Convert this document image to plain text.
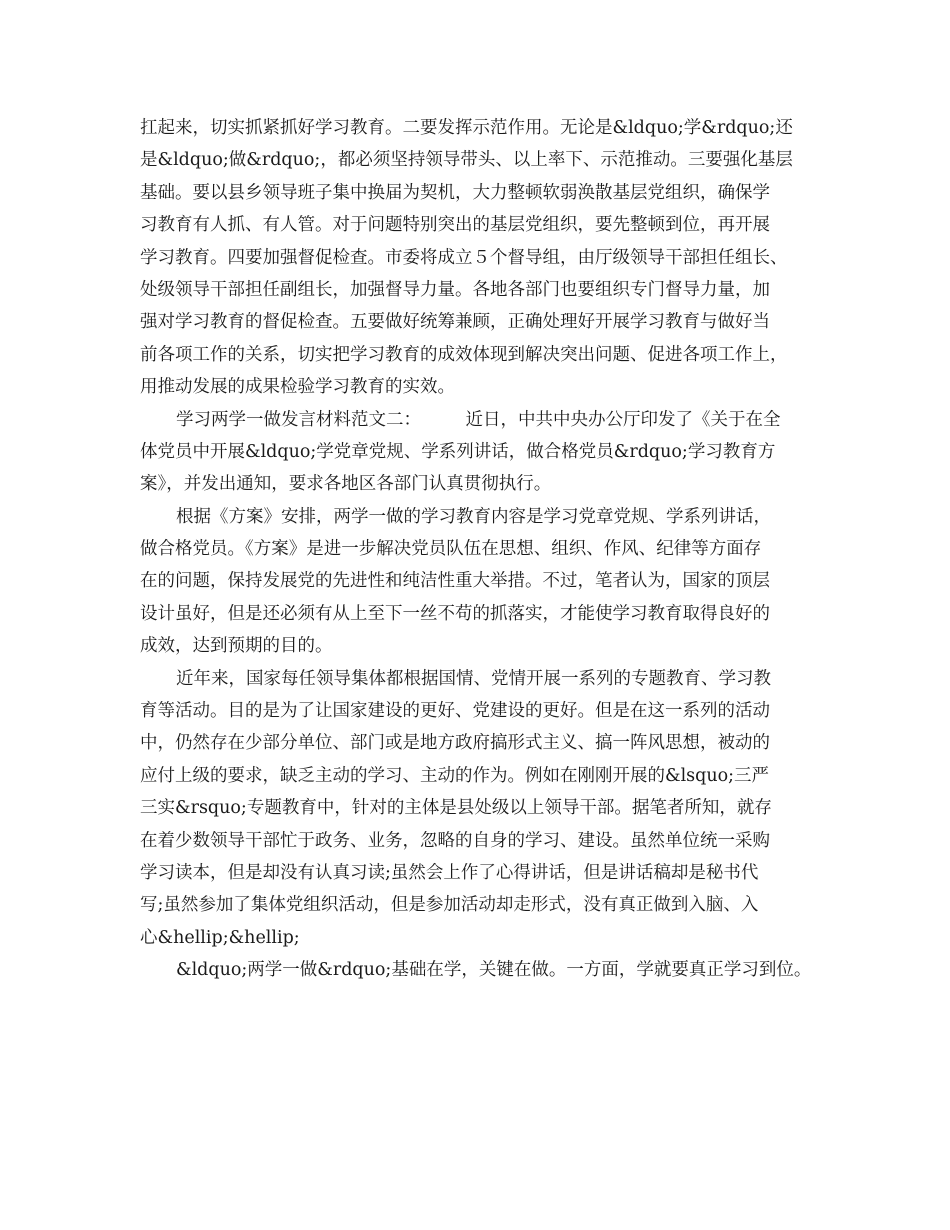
扛起来，切实抓紧抓好学习教育。二要发挥示范作用。无论是&ldquo;学&rdquo;还
是&ldquo;做&rdquo;，都必须坚持领导带头、以上率下、示范推动。三要强化基层
基础。要以县乡领导班子集中换届为契机，大力整顿软弱涣散基层党组织，确保学
习教育有人抓、有人管。对于问题特别突出的基层党组织，要先整顿到位，再开展
学习教育。四要加强督促检查。市委将成立５个督导组，由厅级领导干部担任组长、
处级领导干部担任副组长，加强督导力量。各地各部门也要组织专门督导力量，加
强对学习教育的督促检查。五要做好统筹兼顾，正确处理好开展学习教育与做好当
前各项工作的关系，切实把学习教育的成效体现到解决突出问题、促进各项工作上，
用推动发展的成果检验学习教育的实效。
学习两学一做发言材料范文二：        近日，中共中央办公厅印发了《关于在全
体党员中开展&ldquo;学党章党规、学系列讲话，做合格党员&rdquo;学习教育方
案》，并发出通知，要求各地区各部门认真贯彻执行。
根据《方案》安排，两学一做的学习教育内容是学习党章党规、学系列讲话，
做合格党员。《方案》是进一步解决党员队伍在思想、组织、作风、纪律等方面存
在的问题，保持发展党的先进性和纯洁性重大举措。不过，笔者认为，国家的顶层
设计虽好，但是还必须有从上至下一丝不苟的抓落实，才能使学习教育取得良好的
成效，达到预期的目的。
近年来，国家每任领导集体都根据国情、党情开展一系列的专题教育、学习教
育等活动。目的是为了让国家建设的更好、党建设的更好。但是在这一系列的活动
中，仍然存在少部分单位、部门或是地方政府搞形式主义、搞一阵风思想，被动的
应付上级的要求，缺乏主动的学习、主动的作为。例如在刚刚开展的&lsquo;三严
三实&rsquo;专题教育中，针对的主体是县处级以上领导干部。据笔者所知，就存
在着少数领导干部忙于政务、业务，忽略的自身的学习、建设。虽然单位统一采购
学习读本，但是却没有认真习读;虽然会上作了心得讲话，但是讲话稿却是秘书代
写;虽然参加了集体党组织活动，但是参加活动却走形式，没有真正做到入脑、入
心&hellip;&hellip;
&ldquo;两学一做&rdquo;基础在学，关键在做。一方面，学就要真正学习到位。
